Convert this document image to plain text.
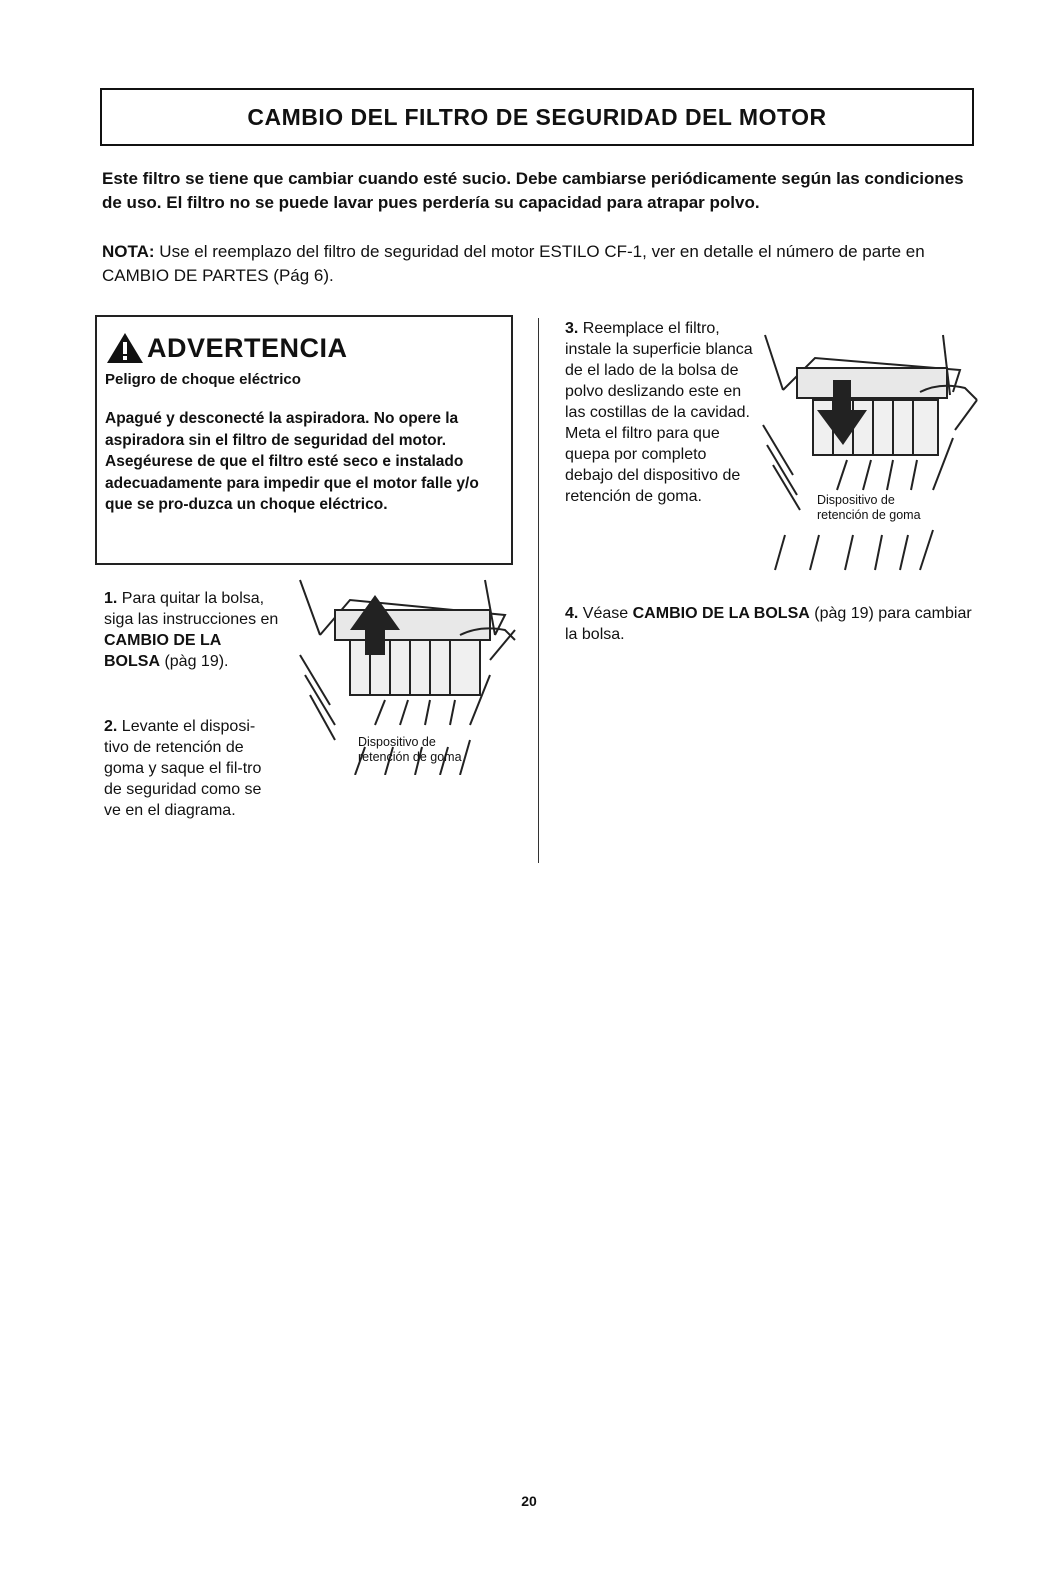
CAMBIO DEL FILTRO DE SEGURIDAD DEL MOTOR
Este filtro se tiene que cambiar cuando esté sucio. Debe cambiarse periódicamente según las condiciones de uso. El filtro no se puede lavar pues perdería su capacidad para atrapar polvo.
NOTA: Use el reemplazo del filtro de seguridad del motor ESTILO CF-1, ver en detalle el número de parte en CAMBIO DE PARTES (Pág 6).
ADVERTENCIA
Peligro de choque eléctrico
Apagué y desconecté la aspiradora. No opere la aspiradora sin el filtro de seguridad del motor. Asegéurese de que el filtro esté seco e instalado adecuadamente para impedir que el motor falle y/o que se pro-duzca un choque eléctrico.
1. Para quitar la bolsa, siga las instrucciones en CAMBIO DE LA BOLSA (pàg 19).
2. Levante el disposi-tivo de retención de goma y saque el fil-tro de seguridad como se ve en el diagrama.
Dispositivo de
retención de goma
3. Reemplace el filtro, instale la superficie blanca de el lado de la bolsa de polvo deslizando este en las costillas de la cavidad. Meta el filtro para que quepa por completo debajo del dispositivo de retención de goma.	Dispositivo de
retención de goma
4. Véase CAMBIO DE LA BOLSA (pàg 19) para cambiar la bolsa.
20
